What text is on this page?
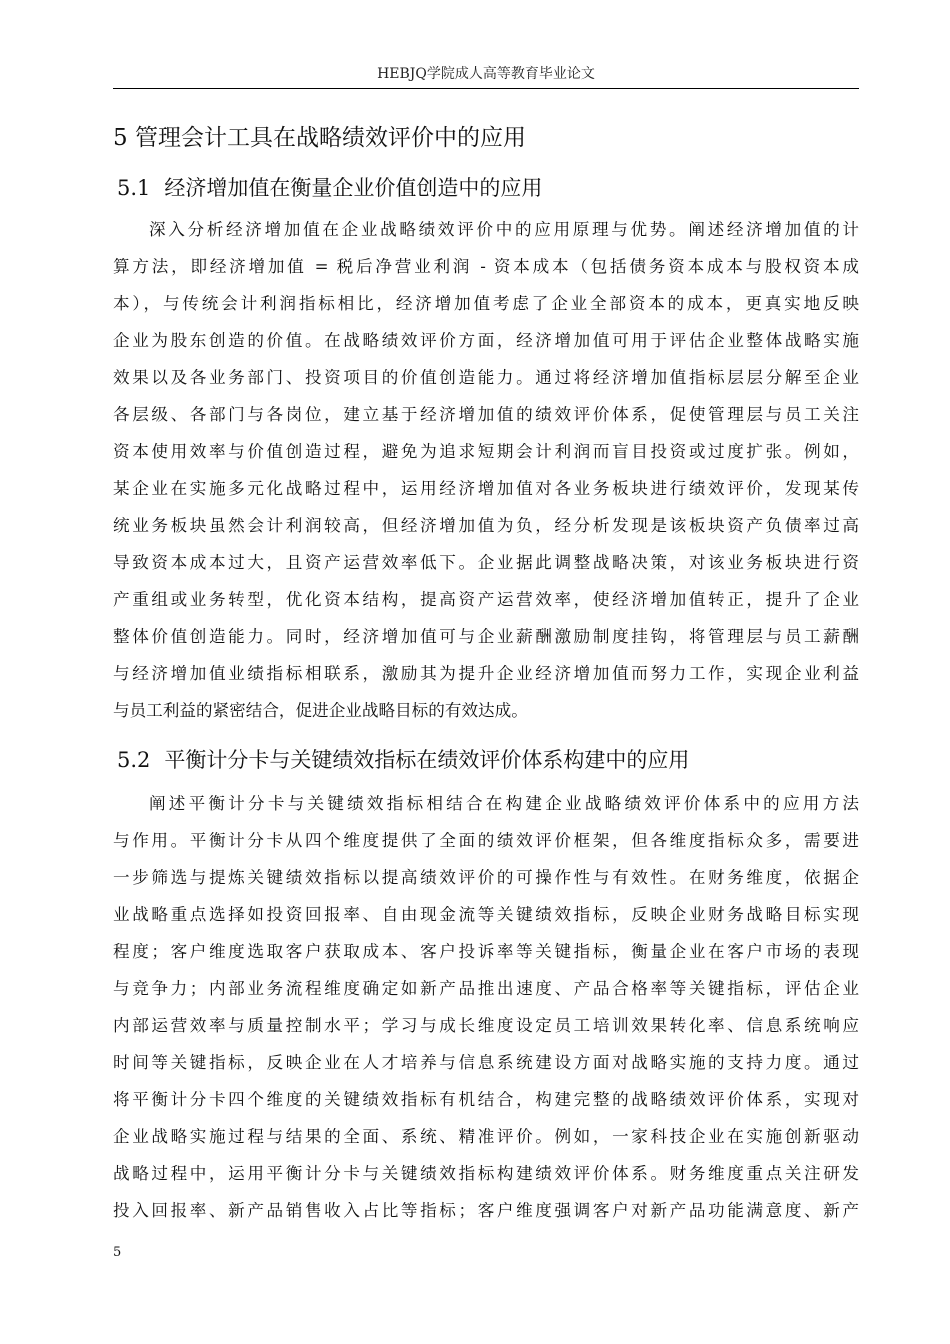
HEBJQ学院成人高等教育毕业论文
5 管理会计工具在战略绩效评价中的应用
5.1 经济增加值在衡量企业价值创造中的应用
深入分析经济增加值在企业战略绩效评价中的应用原理与优势。阐述经济增加值的计
算方法，即经济增加值 = 税后净营业利润 - 资本成本（包括债务资本成本与股权资本成
本），与传统会计利润指标相比，经济增加值考虑了企业全部资本的成本，更真实地反映
企业为股东创造的价值。在战略绩效评价方面，经济增加值可用于评估企业整体战略实施
效果以及各业务部门、投资项目的价值创造能力。通过将经济增加值指标层层分解至企业
各层级、各部门与各岗位，建立基于经济增加值的绩效评价体系，促使管理层与员工关注
资本使用效率与价值创造过程，避免为追求短期会计利润而盲目投资或过度扩张。例如，
某企业在实施多元化战略过程中，运用经济增加值对各业务板块进行绩效评价，发现某传
统业务板块虽然会计利润较高，但经济增加值为负，经分析发现是该板块资产负债率过高
导致资本成本过大，且资产运营效率低下。企业据此调整战略决策，对该业务板块进行资
产重组或业务转型，优化资本结构，提高资产运营效率，使经济增加值转正，提升了企业
整体价值创造能力。同时，经济增加值可与企业薪酬激励制度挂钩，将管理层与员工薪酬
与经济增加值业绩指标相联系，激励其为提升企业经济增加值而努力工作，实现企业利益
与员工利益的紧密结合，促进企业战略目标的有效达成。
5.2 平衡计分卡与关键绩效指标在绩效评价体系构建中的应用
阐述平衡计分卡与关键绩效指标相结合在构建企业战略绩效评价体系中的应用方法
与作用。平衡计分卡从四个维度提供了全面的绩效评价框架，但各维度指标众多，需要进
一步筛选与提炼关键绩效指标以提高绩效评价的可操作性与有效性。在财务维度，依据企
业战略重点选择如投资回报率、自由现金流等关键绩效指标，反映企业财务战略目标实现
程度；客户维度选取客户获取成本、客户投诉率等关键指标，衡量企业在客户市场的表现
与竞争力；内部业务流程维度确定如新产品推出速度、产品合格率等关键指标，评估企业
内部运营效率与质量控制水平；学习与成长维度设定员工培训效果转化率、信息系统响应
时间等关键指标，反映企业在人才培养与信息系统建设方面对战略实施的支持力度。通过
将平衡计分卡四个维度的关键绩效指标有机结合，构建完整的战略绩效评价体系，实现对
企业战略实施过程与结果的全面、系统、精准评价。例如，一家科技企业在实施创新驱动
战略过程中，运用平衡计分卡与关键绩效指标构建绩效评价体系。财务维度重点关注研发
投入回报率、新产品销售收入占比等指标；客户维度强调客户对新产品功能满意度、新产
5
